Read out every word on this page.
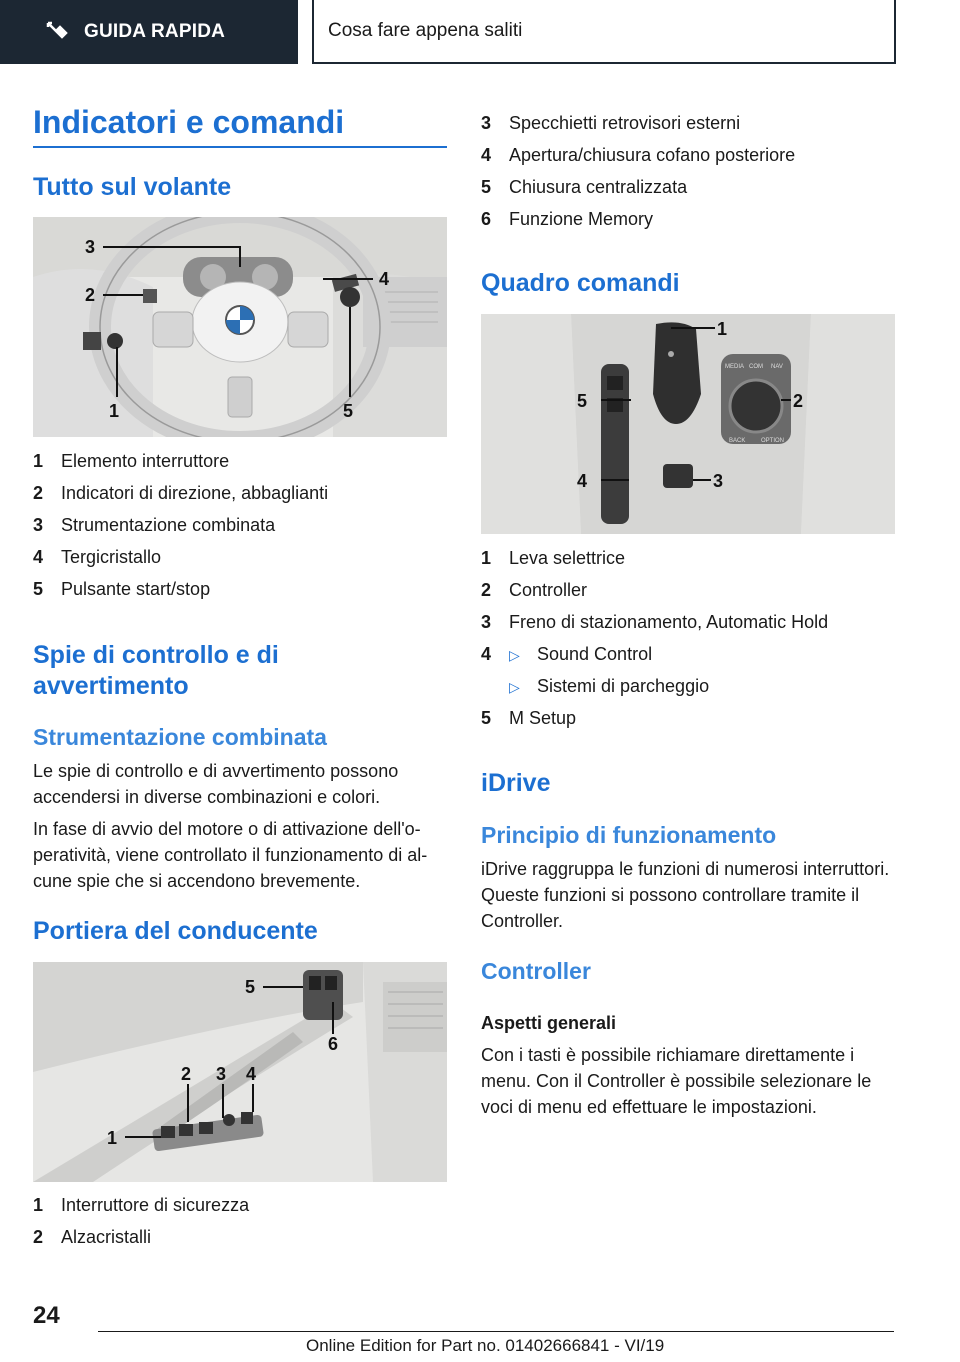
GUIDA RAPIDA	Cosa fare appena saliti
Indicatori e comandi
Tutto sul volante
3
2
4
1	5
1 Elemento interruttore
2 Indicatori di direzione, abbaglianti
3 Strumentazione combinata
4 Tergicristallo
5 Pulsante start/stop
Spie di controllo e di avvertimento
Strumentazione combinata
Le spie di controllo e di avvertimento possono accendersi in diverse combinazioni e colori.
In fase di avvio del motore o di attivazione dell'operatività, viene controllato il funzionamento di alcune spie che si accendono brevemente.
Portiera del conducente
5
6
2 3 4
1
1 Interruttore di sicurezza
2 Alzacristalli
3 Specchietti retrovisori esterni
4 Apertura/chiusura cofano posteriore
5 Chiusura centralizzata
6 Funzione Memory
Quadro comandi
MEDIA COM NAV
BACK	OPTION
1
5	2
4	3
1 Leva selettrice
2 Controller
3 Freno di stazionamento, Automatic Hold
4	▷ Sound Control
▷ Sistemi di parcheggio
5 M Setup
iDrive
Principio di funzionamento
iDrive raggruppa le funzioni di numerosi interruttori. Queste funzioni si possono controllare tramite il Controller.
Controller
Aspetti generali
Con i tasti è possibile richiamare direttamente i menu. Con il Controller è possibile selezionare le voci di menu ed effettuare le impostazioni.
24
Online Edition for Part no. 01402666841 - VI/19
